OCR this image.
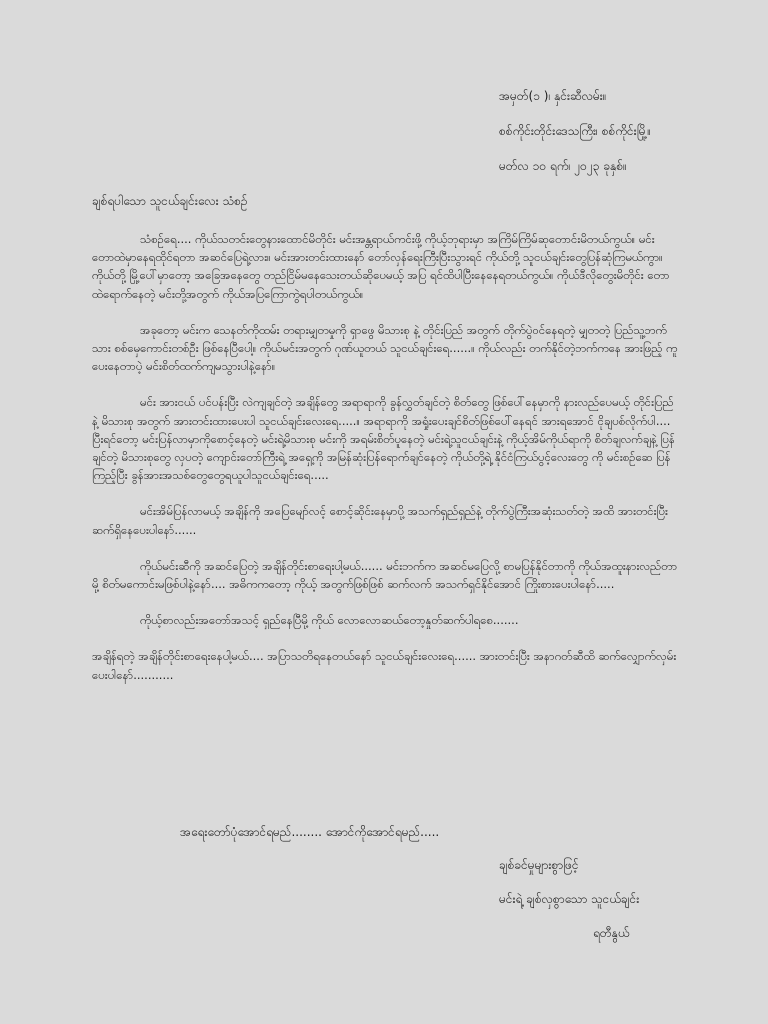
အမှတ်(၁ )၊ နှင်းဆီလမ်း။
စစ်ကိုင်းတိုင်းဒေသကြီး၊ စစ်ကိုင်းမြို့။
မတ်လ ၁၀ ရက်၊ ၂၀၂၃ ခုနှစ်။
ချစ်ရပါသော သူငယ်ချင်းလေး သံစဉ်

သံစဉ်ရေ.... ကိုယ်သတင်းတွေနားထောင်မိတိုင်း မင်းအန္တရာယ်ကင်းဖို့ ကိုယ့်ဘုရားမှာ အကြိမ်ကြိမ်ဆုတောင်းမိတယ်ကွယ်။ မင်း တောထဲမှာနေရထိုင်ရတာ အဆင်ပြေရဲ့လား။ မင်းအားတင်းထားနော် တော်လှန်ရေးကြီးပြီးသွားရင် ကိုယ်တို့ သူငယ်ချင်းတွေပြန်ဆုံကြမယ်ကွာ။ ကိုယ်တို့ မြို့ပေါ်မှာတော့ အခြေအနေတွေ တည်ငြိမ်မနေသေးတယ်ဆိုပေမယ့် အပြ ရင်ထိပါပြီးနေနေရတယ်ကွယ်။ ကိုယ်ဒီလိုတွေးမိတိုင်း တောထဲရောက်နေတဲ့ မင်းတို့အတွက် ကိုယ်အပြကြောကွဲရပါတယ်ကွယ်။

အခုတော့ မင်းက သေနတ်ကိုထမ်း တရားမျှတမှုကို ရှာဖွေ မိသားစု နဲ့ တိုင်းပြည် အတွက် တိုက်ပွဲဝင်နေရတဲ့ မျှတတဲ့ ပြည်သူ့ဘက်သား စစ်မှေကောင်းတစ်ဦး ဖြစ်နေပြီပေါ့။ ကိုယ်မင်းအတွက် ဂုဏ်ယူတယ် သူငယ်ချင်းရေ......။ ကိုယ်လည်း တက်နိုင်တဲ့ဘက်ကနေ အားဖြည့် ကူပေးနေတာပဲ့ မင်းစိတ်ထက်ကျမသွားပါနဲ့နော်။

မင်း အားငယ် ပင်ပန်းပြီး လဲကျချင်တဲ့ အချိန်တွေ အရာရာကို ခွန်လွှတ်ချင်တဲ့ စိတ်တွေ ဖြစ်ပေါ်နေမှာကို နားလည်ပေမယ့် တိုင်းပြည်နဲ့ မိသားစု အတွက် အားတင်းထားပေးပါ သူငယ်ချင်းလေးရေ.....။ အရာရာကို အရှုံးပေးချင်စိတ်ဖြစ်ပေါ်နေရင် အားရအောင် ငိုချပစ်လိုက်ပါ.... ပြီးရင်တော့ မင်းပြန်လာမှာကိုစောင့်နေတဲ့ မင်းရဲ့မိသားစု မင်းကို အရမ်းစိတ်ပူနေတဲ့ မင်းရဲ့သူငယ်ချင်းနဲ့ ကိုယ့်အိမ်ကိုယ်ရာကို စိတ်ချလက်ချနဲ့ ပြန်ချင်တဲ့ မိသားစုတွေ လှပတဲ့ ကျောင်းတော်ကြီးရဲ့ အရှေ့ကို အမြန်ဆုံးပြန်ရောက်ချင်နေတဲ့ ကိုယ်တို့ရဲ့ နိုင်ငံကြယ်ပွင့်လေးတွေ ကို မင်းစဉ်ဆေ ပြန်ကြည့်ပြီး ခွန်အားအသစ်တွေတွေရယူပါသူငယ်ချင်းရေ.....

မင်းအိမ်ပြန်လာမယ့် အချိန်ကို အပြေမျော်လင့် စောင့်ဆိုင်းနေမှာပို့ အသက်ရှည်ရှည်နဲ့ တိုက်ပွဲကြီးအဆုံးသတ်တဲ့ အထိ အားတင်းပြီးဆက်ရှိနေပေးပါနော်......

ကိုယ်မင်းဆီကို အဆင်ပြေတဲ့ အချိန်တိုင်းစာရေးပါ့မယ်...... မင်းဘက်က အဆင်မပြေလို့ စာမပြန်နိုင်တာကို ကိုယ်အထူးနားလည်တာမို့ စိတ်မကောင်းမဖြစ်ပါနဲ့နော်.... အဓိကကတော့ ကိုယ့် အတွက်ဖြစ်ဖြစ် ဆက်လက် အသက်ရှင်နိုင်အောင် ကြိုးစားပေးပါနော်.....

ကိုယ့်စာလည်းအတော်အသင့် ရှည်နေပြီမို့ ကိုယ် လောလောဆယ်တော့နှုတ်ဆက်ပါရစေ.......

အချိန်ရတဲ့ အချိန်တိုင်းစာရေးနေပါ့မယ်.... အပြာသတိရနေတယ်နော် သူငယ်ချင်းလေးရေ...... အားတင်းပြီး အနာဂတ်ဆီထိ ဆက်လျှောက်လှမ်းပေးပါနော်...........

အရေးတော်ပုံအောင်ရမည်........ အောင်ကိုအောင်ရမည်.....
ချစ်ခင်မှုများစွာဖြင့်
မင်းရဲ့ ချစ်လှစွာသော သူငယ်ချင်း
ရတီနွယ်
